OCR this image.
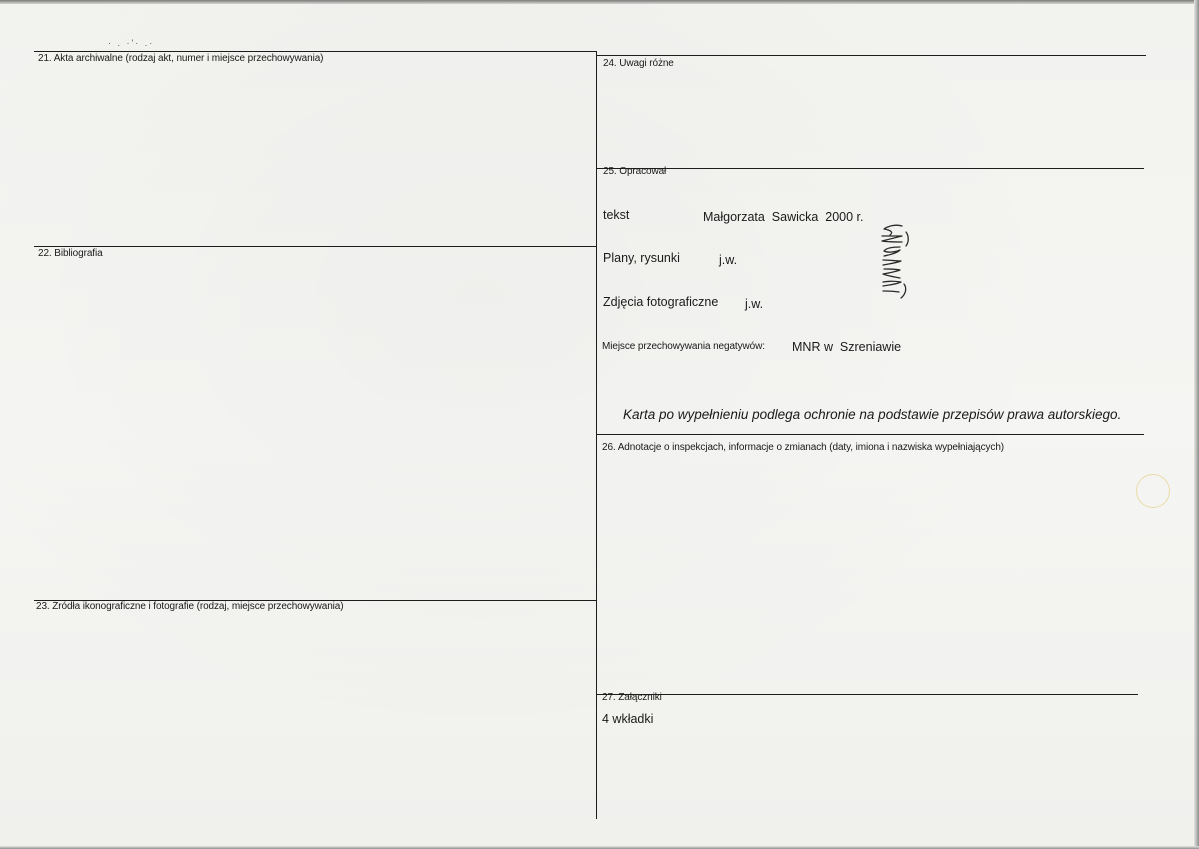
· . ·'· .·
21. Akta archiwalne (rodzaj akt, numer i miejsce przechowywania)
22. Bibliografia
23. Źródła ikonograficzne i fotografie (rodzaj, miejsce przechowywania)
24. Uwagi różne
25. Opracował
tekst	Małgorzata  Sawicka  2000 r.
Plany, rysunki	j.w.
Zdjęcia fotograficzne j.w.
Miejsce przechowywania negatywów: MNR w  Szreniawie
Karta po wypełnieniu podlega ochronie na podstawie przepisów prawa autorskiego.
26. Adnotacje o inspekcjach, informacje o zmianach (daty, imiona i nazwiska wypełniających)
27. Załączniki
4 wkładki
